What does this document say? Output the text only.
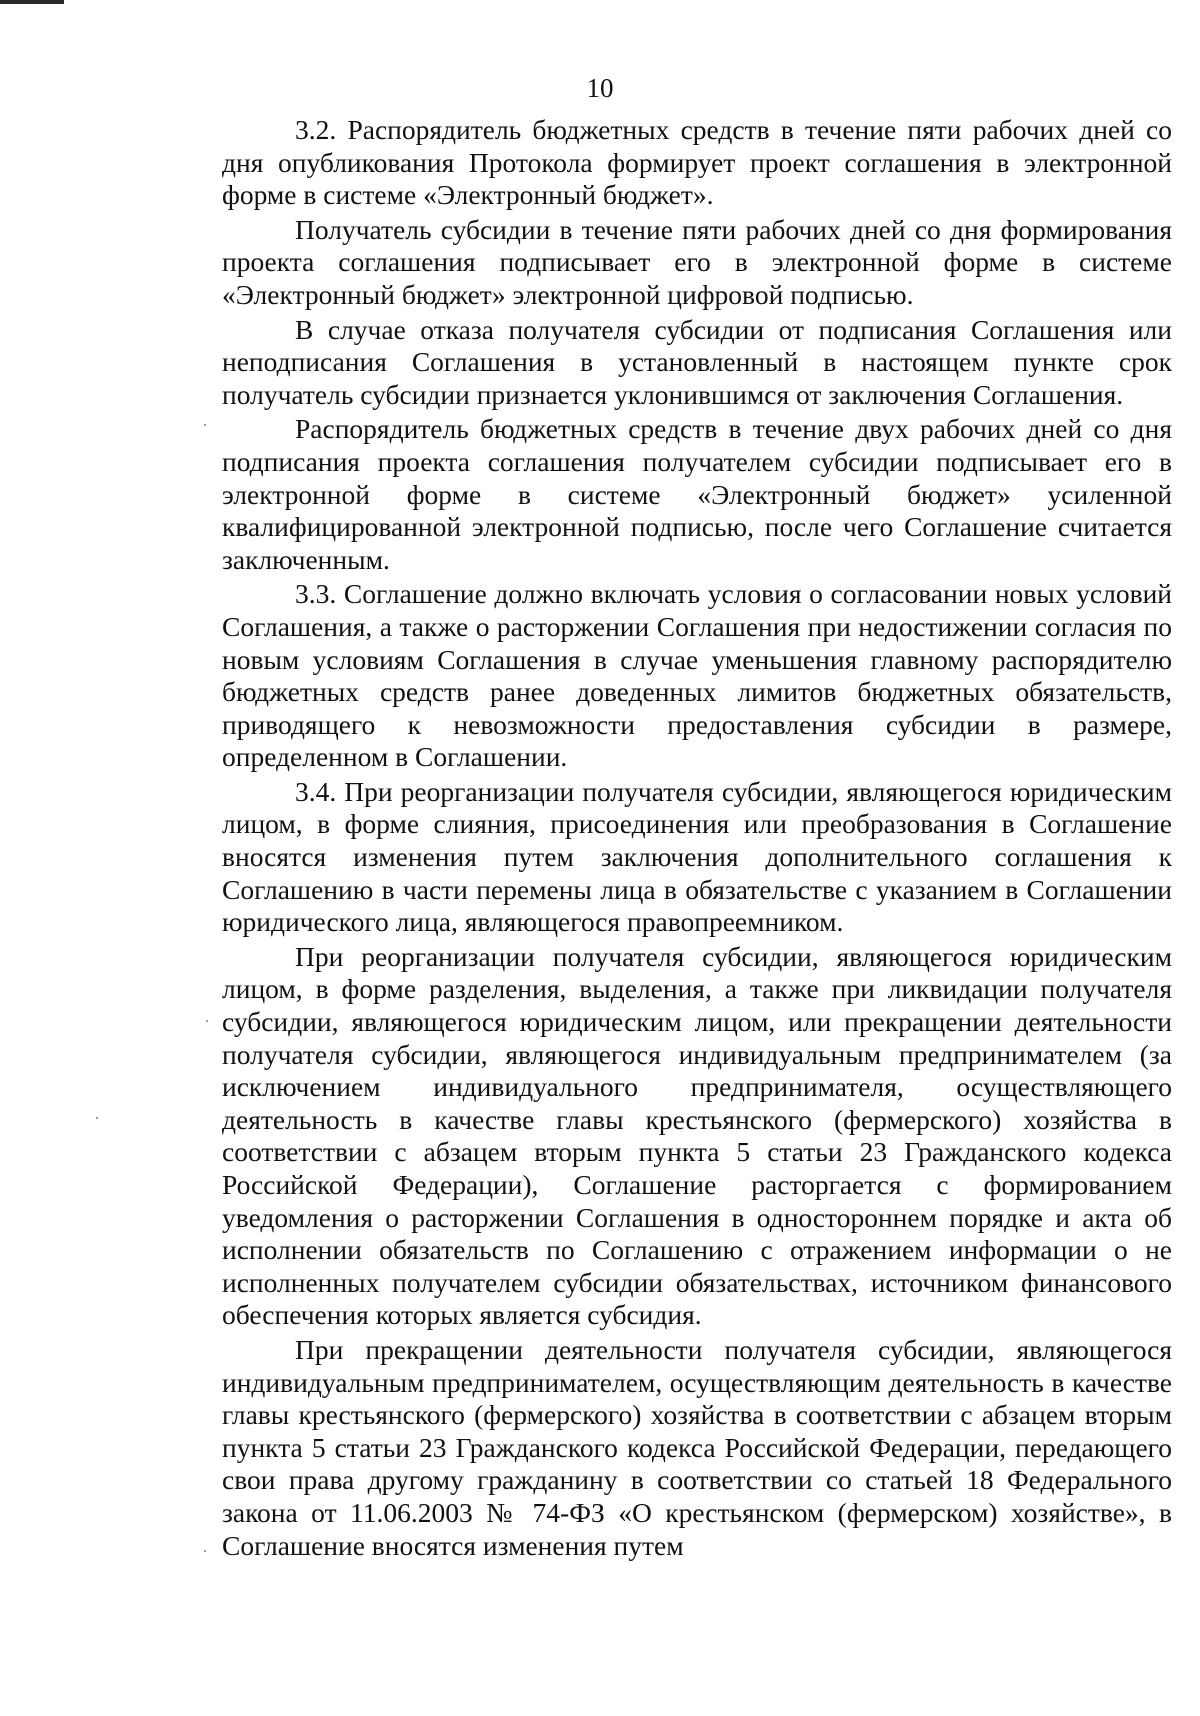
10

3.2. Распорядитель бюджетных средств в течение пяти рабочих дней со дня опубликования Протокола формирует проект соглашения в электронной форме в системе «Электронный бюджет».

Получатель субсидии в течение пяти рабочих дней со дня формирования проекта соглашения подписывает его в электронной форме в системе «Электронный бюджет» электронной цифровой подписью.

В случае отказа получателя субсидии от подписания Соглашения или неподписания Соглашения в установленный в настоящем пункте срок получатель субсидии признается уклонившимся от заключения Соглашения.

Распорядитель бюджетных средств в течение двух рабочих дней со дня подписания проекта соглашения получателем субсидии подписывает его в электронной форме в системе «Электронный бюджет» усиленной квалифицированной электронной подписью, после чего Соглашение считается заключенным.

3.3. Соглашение должно включать условия о согласовании новых условий Соглашения, а также о расторжении Соглашения при недостижении согласия по новым условиям Соглашения в случае уменьшения главному распорядителю бюджетных средств ранее доведенных лимитов бюджетных обязательств, приводящего к невозможности предоставления субсидии в размере, определенном в Соглашении.

3.4. При реорганизации получателя субсидии, являющегося юридическим лицом, в форме слияния, присоединения или преобразования в Соглашение вносятся изменения путем заключения дополнительного соглашения к Соглашению в части перемены лица в обязательстве с указанием в Соглашении юридического лица, являющегося правопреемником.

При реорганизации получателя субсидии, являющегося юридическим лицом, в форме разделения, выделения, а также при ликвидации получателя субсидии, являющегося юридическим лицом, или прекращении деятельности получателя субсидии, являющегося индивидуальным предпринимателем (за исключением индивидуального предпринимателя, осуществляющего деятельность в качестве главы крестьянского (фермерского) хозяйства в соответствии с абзацем вторым пункта 5 статьи 23 Гражданского кодекса Российской Федерации), Соглашение расторгается с формированием уведомления о расторжении Соглашения в одностороннем порядке и акта об исполнении обязательств по Соглашению с отражением информации о не исполненных получателем субсидии обязательствах, источником финансового обеспечения которых является субсидия.

При прекращении деятельности получателя субсидии, являющегося индивидуальным предпринимателем, осуществляющим деятельность в качестве главы крестьянского (фермерского) хозяйства в соответствии с абзацем вторым пункта 5 статьи 23 Гражданского кодекса Российской Федерации, передающего свои права другому гражданину в соответствии со статьей 18 Федерального закона от 11.06.2003 № 74-ФЗ «О крестьянском (фермерском) хозяйстве», в Соглашение вносятся изменения путем
